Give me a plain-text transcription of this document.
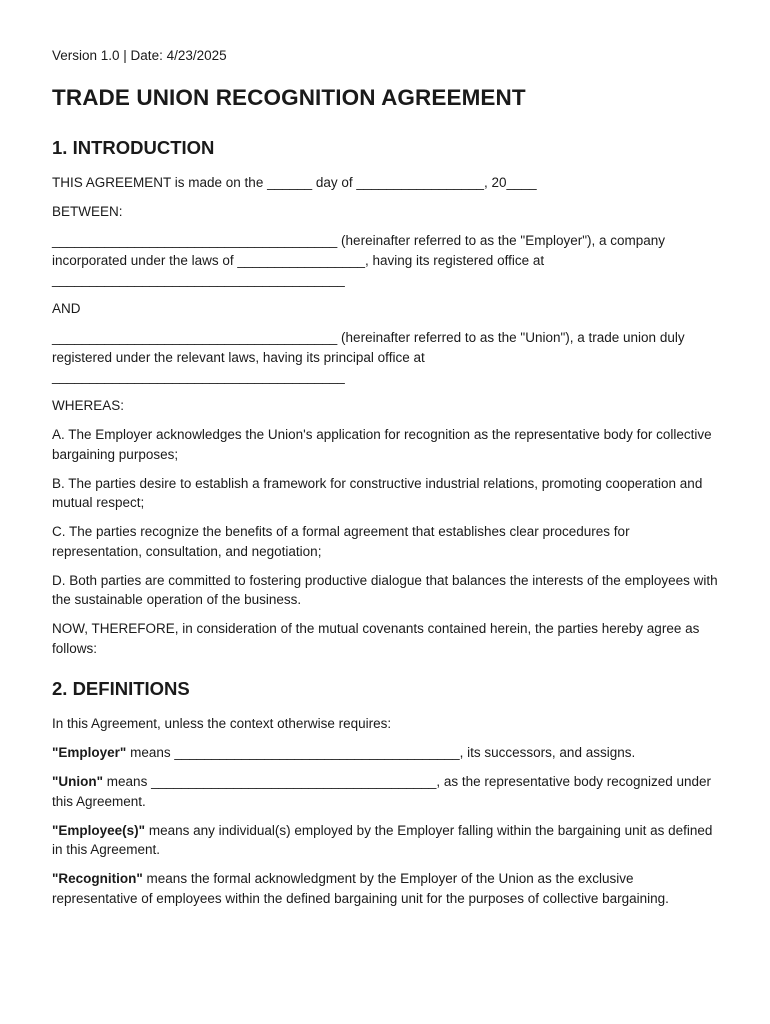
Version 1.0 | Date: 4/23/2025
TRADE UNION RECOGNITION AGREEMENT
1. INTRODUCTION

THIS AGREEMENT is made on the ______ day of _________________, 20____

BETWEEN:

______________________________________ (hereinafter referred to as the "Employer"), a company incorporated under the laws of _________________, having its registered office at _______________________________________

AND

______________________________________ (hereinafter referred to as the "Union"), a trade union duly registered under the relevant laws, having its principal office at _______________________________________

WHEREAS:

A. The Employer acknowledges the Union's application for recognition as the representative body for collective bargaining purposes;

B. The parties desire to establish a framework for constructive industrial relations, promoting cooperation and mutual respect;

C. The parties recognize the benefits of a formal agreement that establishes clear procedures for representation, consultation, and negotiation;

D. Both parties are committed to fostering productive dialogue that balances the interests of the employees with the sustainable operation of the business.

NOW, THEREFORE, in consideration of the mutual covenants contained herein, the parties hereby agree as follows:

2. DEFINITIONS

In this Agreement, unless the context otherwise requires:

"Employer" means ______________________________________, its successors, and assigns.

"Union" means ______________________________________, as the representative body recognized under this Agreement.

"Employee(s)" means any individual(s) employed by the Employer falling within the bargaining unit as defined in this Agreement.

"Recognition" means the formal acknowledgment by the Employer of the Union as the exclusive representative of employees within the defined bargaining unit for the purposes of collective bargaining.
